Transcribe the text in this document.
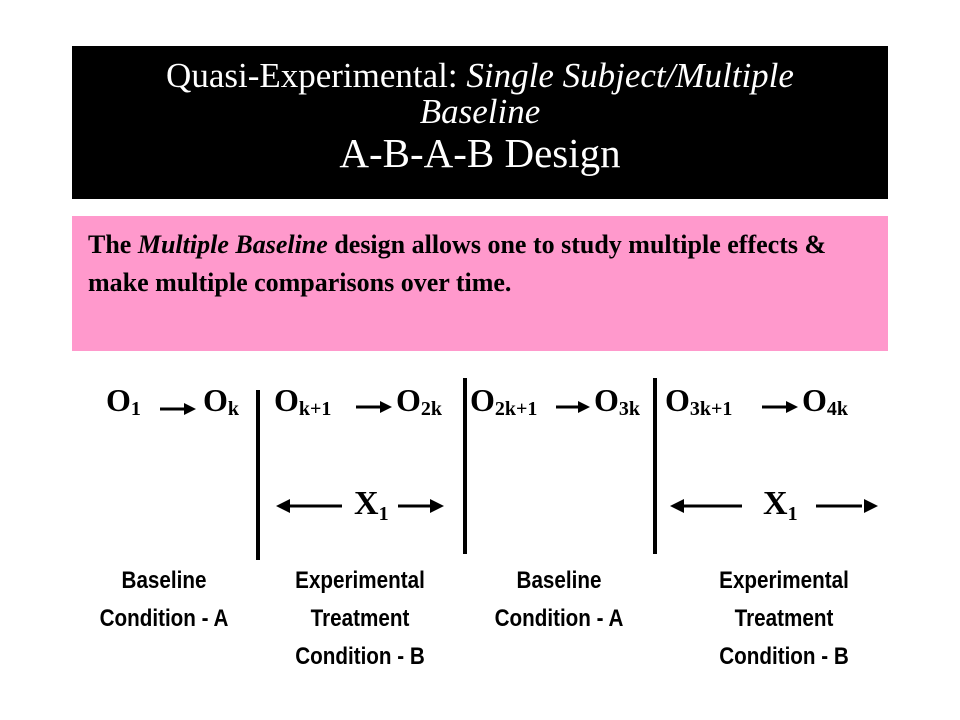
Quasi-Experimental: Single Subject/Multiple
Baseline
A-B-A-B Design
The Multiple Baseline design allows one to study multiple effects & make multiple comparisons over time.
$O_1$ $O_k$ $O_{k+1}$ $O_{2k}$ $O_{2k+1}$ $O_{3k}$ $O_{3k+1}$ $O_{4k}$
$X_1$	$X_1$
Baseline
Condition - A
Experimental
Treatment
Condition - B
Baseline
Condition - A
Experimental
Treatment
Condition - B
